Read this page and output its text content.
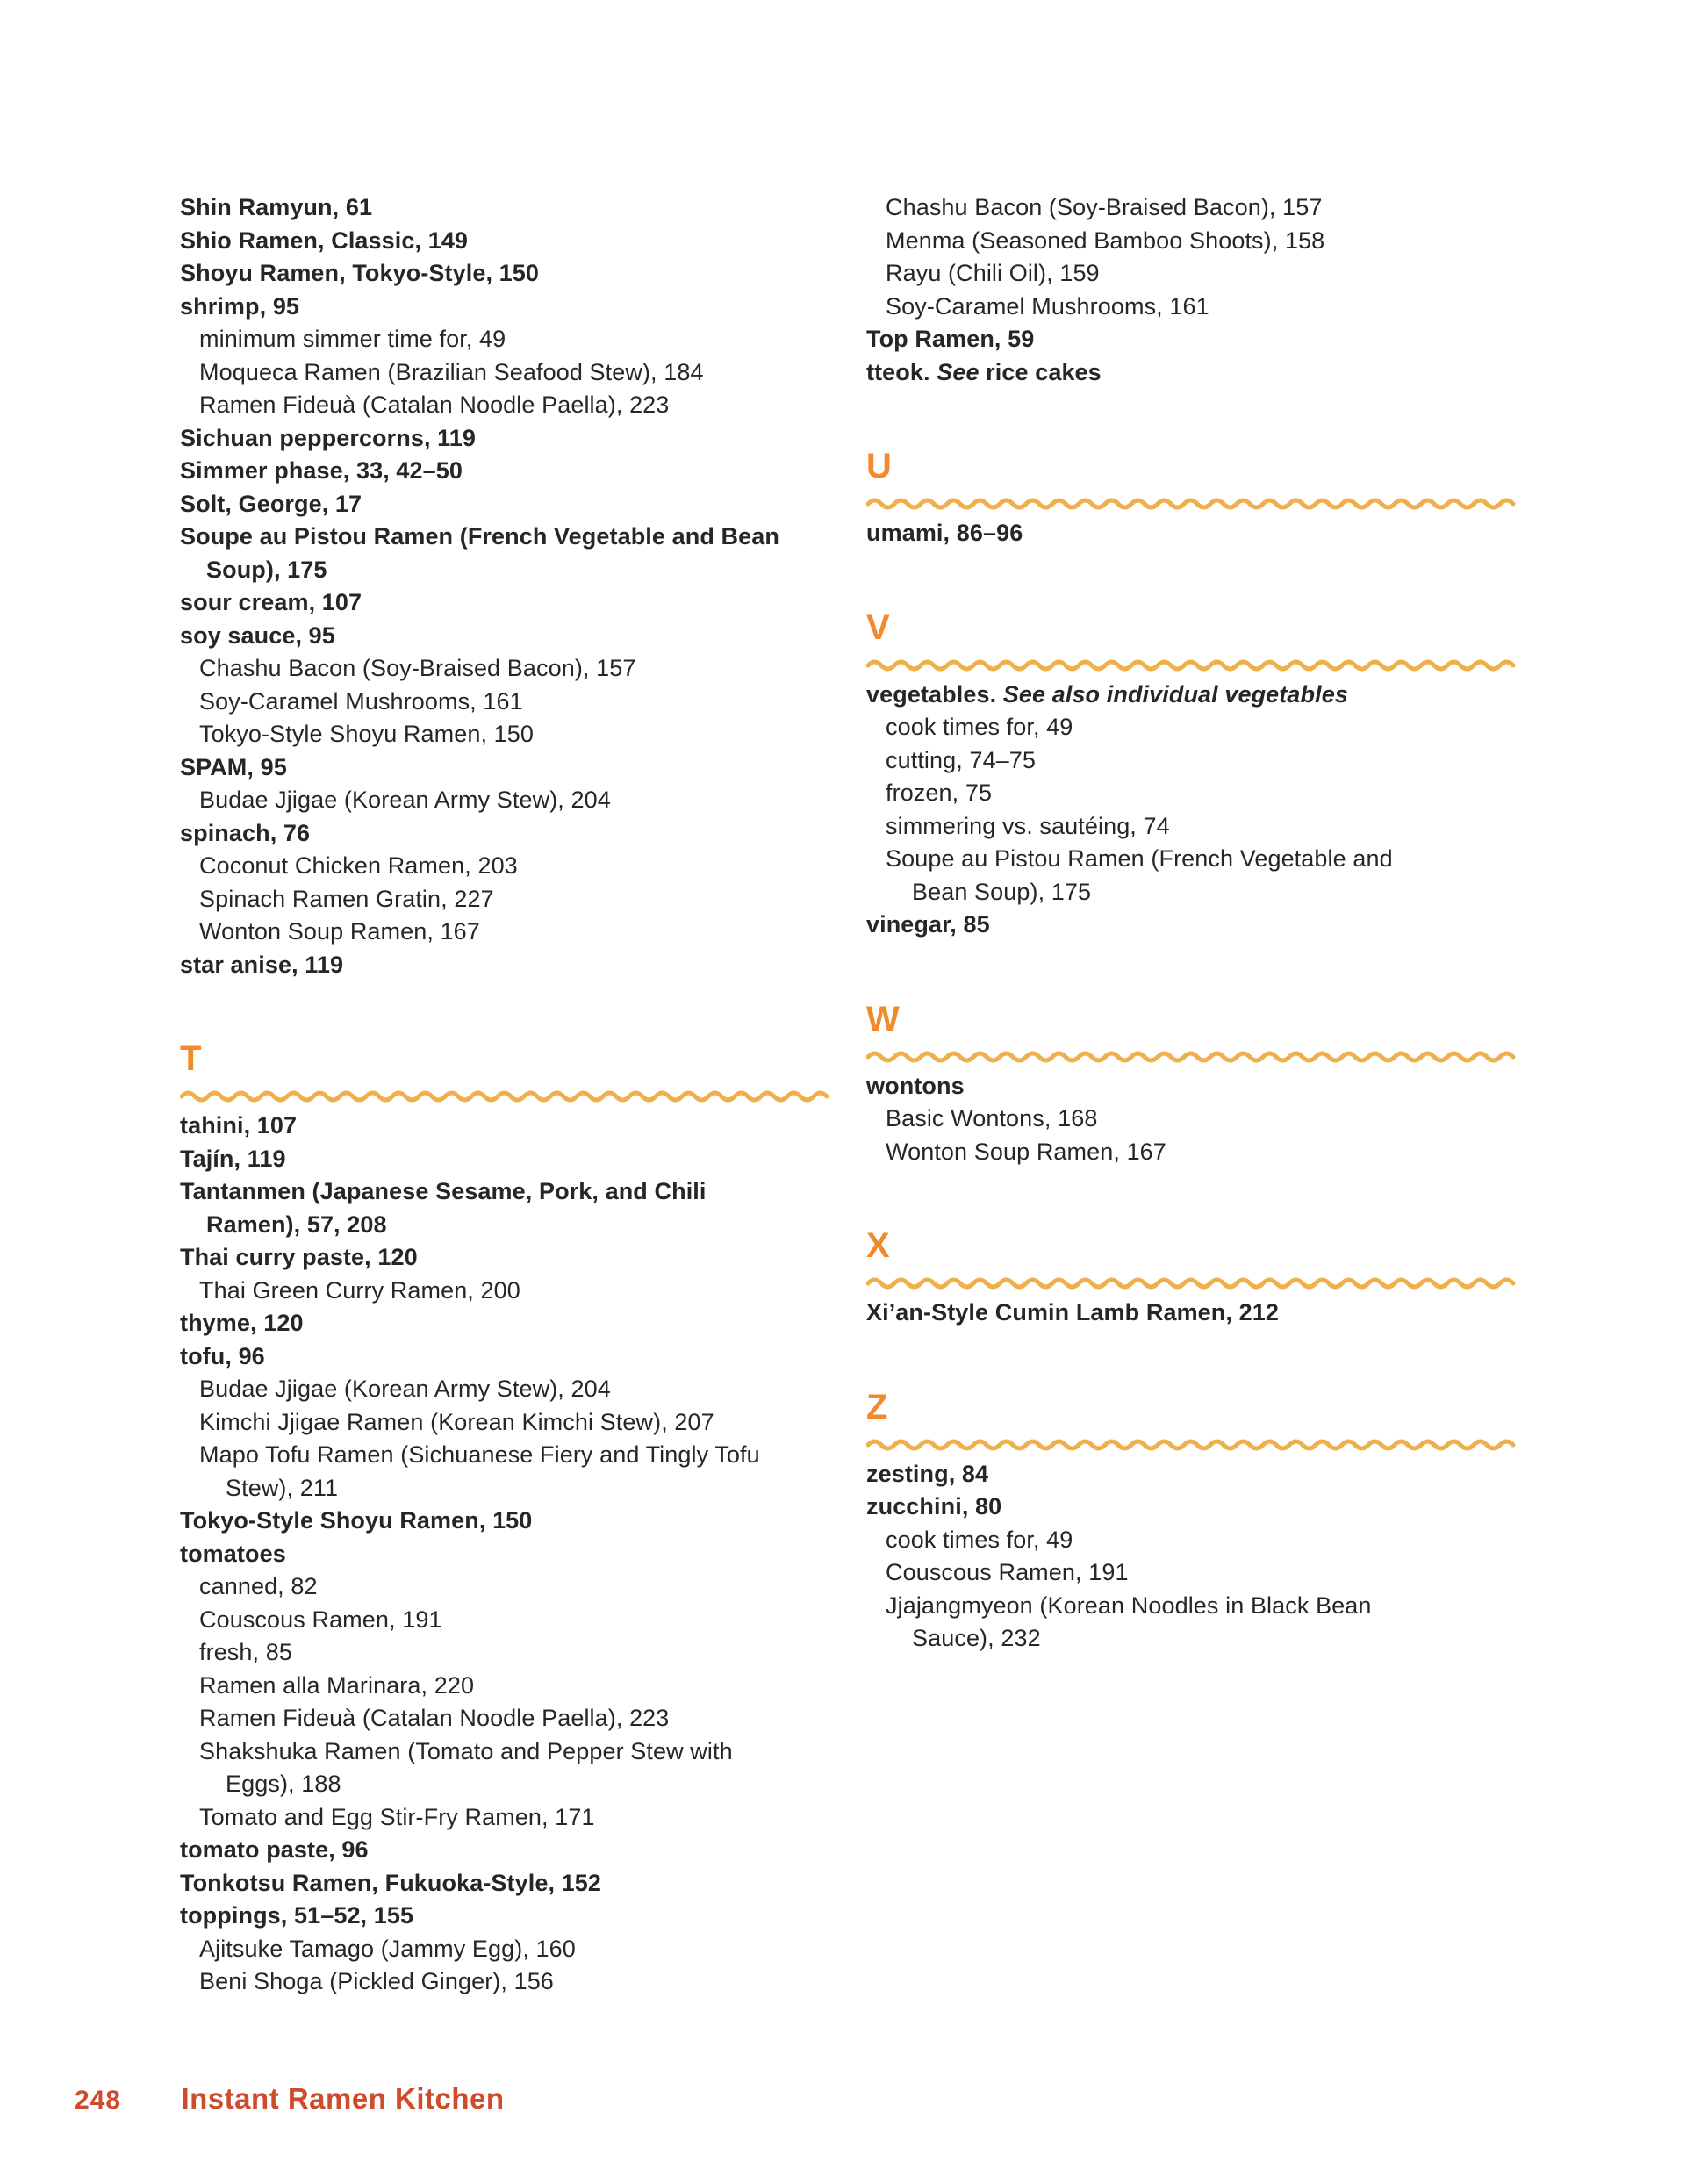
Shin Ramyun, 61
Shio Ramen, Classic, 149
Shoyu Ramen, Tokyo-Style, 150
shrimp, 95
minimum simmer time for, 49
Moqueca Ramen (Brazilian Seafood Stew), 184
Ramen Fideuà (Catalan Noodle Paella), 223
Sichuan peppercorns, 119
Simmer phase, 33, 42–50
Solt, George, 17
Soupe au Pistou Ramen (French Vegetable and Bean
Soup), 175
sour cream, 107
soy sauce, 95
Chashu Bacon (Soy-Braised Bacon), 157
Soy-Caramel Mushrooms, 161
Tokyo-Style Shoyu Ramen, 150
SPAM, 95
Budae Jjigae (Korean Army Stew), 204
spinach, 76
Coconut Chicken Ramen, 203
Spinach Ramen Gratin, 227
Wonton Soup Ramen, 167
star anise, 119
T
tahini, 107
Tajín, 119
Tantanmen (Japanese Sesame, Pork, and Chili
Ramen), 57, 208
Thai curry paste, 120
Thai Green Curry Ramen, 200
thyme, 120
tofu, 96
Budae Jjigae (Korean Army Stew), 204
Kimchi Jjigae Ramen (Korean Kimchi Stew), 207
Mapo Tofu Ramen (Sichuanese Fiery and Tingly Tofu
Stew), 211
Tokyo-Style Shoyu Ramen, 150
tomatoes
canned, 82
Couscous Ramen, 191
fresh, 85
Ramen alla Marinara, 220
Ramen Fideuà (Catalan Noodle Paella), 223
Shakshuka Ramen (Tomato and Pepper Stew with
Eggs), 188
Tomato and Egg Stir-Fry Ramen, 171
tomato paste, 96
Tonkotsu Ramen, Fukuoka-Style, 152
toppings, 51–52, 155
Ajitsuke Tamago (Jammy Egg), 160
Beni Shoga (Pickled Ginger), 156
Chashu Bacon (Soy-Braised Bacon), 157
Menma (Seasoned Bamboo Shoots), 158
Rayu (Chili Oil), 159
Soy-Caramel Mushrooms, 161
Top Ramen, 59
tteok. See rice cakes
U
umami, 86–96
V
vegetables. See also individual vegetables
cook times for, 49
cutting, 74–75
frozen, 75
simmering vs. sautéing, 74
Soupe au Pistou Ramen (French Vegetable and
Bean Soup), 175
vinegar, 85
W
wontons
Basic Wontons, 168
Wonton Soup Ramen, 167
X
Xi’an-Style Cumin Lamb Ramen, 212
Z
zesting, 84
zucchini, 80
cook times for, 49
Couscous Ramen, 191
Jjajangmyeon (Korean Noodles in Black Bean
Sauce), 232
248 Instant Ramen Kitchen
